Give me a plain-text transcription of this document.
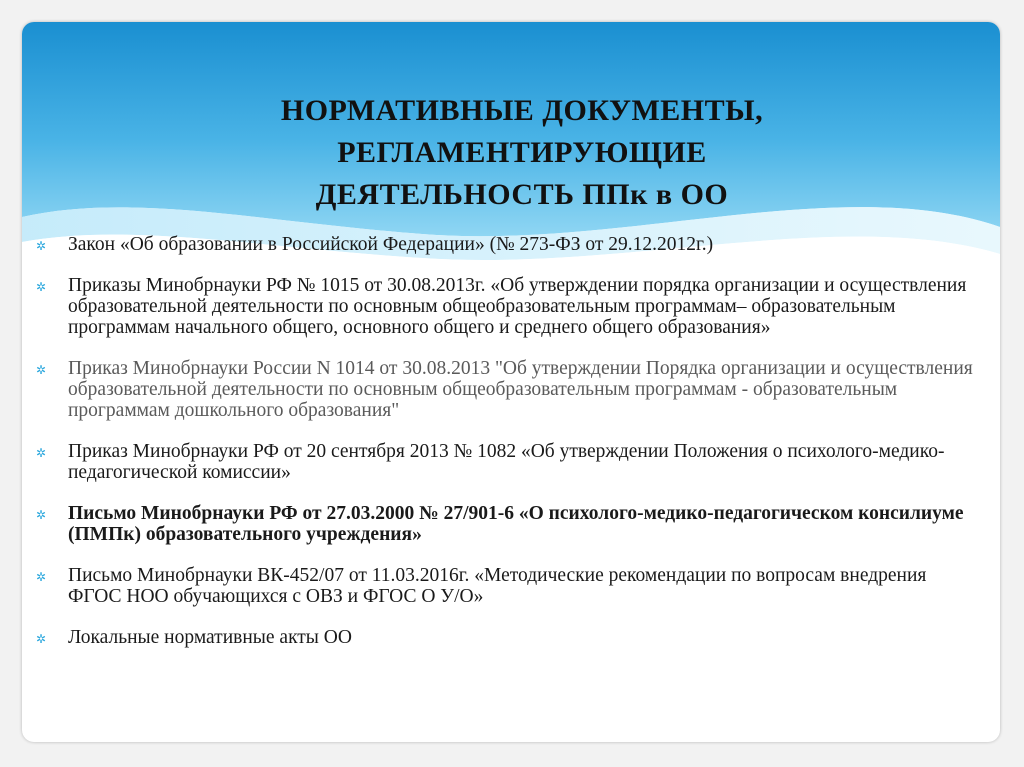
НОРМАТИВНЫЕ ДОКУМЕНТЫ,
РЕГЛАМЕНТИРУЮЩИЕ
ДЕЯТЕЛЬНОСТЬ ППк в ОО
✲ Закон «Об образовании в Российской Федерации» (№ 273-ФЗ от 29.12.2012г.)
✲ Приказы Минобрнауки РФ № 1015 от 30.08.2013г. «Об утверждении порядка организации и осуществления образовательной деятельности по основным общеобразовательным программам– образовательным программам начального общего, основного общего и среднего общего образования»
✲ Приказ Минобрнауки России N 1014 от 30.08.2013 "Об утверждении Порядка организации и осуществления образовательной деятельности по основным общеобразовательным программам - образовательным программам дошкольного образования"
✲ Приказ Минобрнауки РФ от 20 сентября 2013 № 1082 «Об утверждении Положения о психолого-медико-педагогической комиссии»
✲ Письмо Минобрнауки РФ от 27.03.2000 № 27/901-6 «О психолого-медико-педагогическом консилиуме (ПМПк) образовательного учреждения»
✲ Письмо Минобрнауки ВК-452/07 от 11.03.2016г. «Методические рекомендации по вопросам внедрения ФГОС НОО обучающихся с ОВЗ и ФГОС О У/О»
✲ Локальные нормативные акты ОО
